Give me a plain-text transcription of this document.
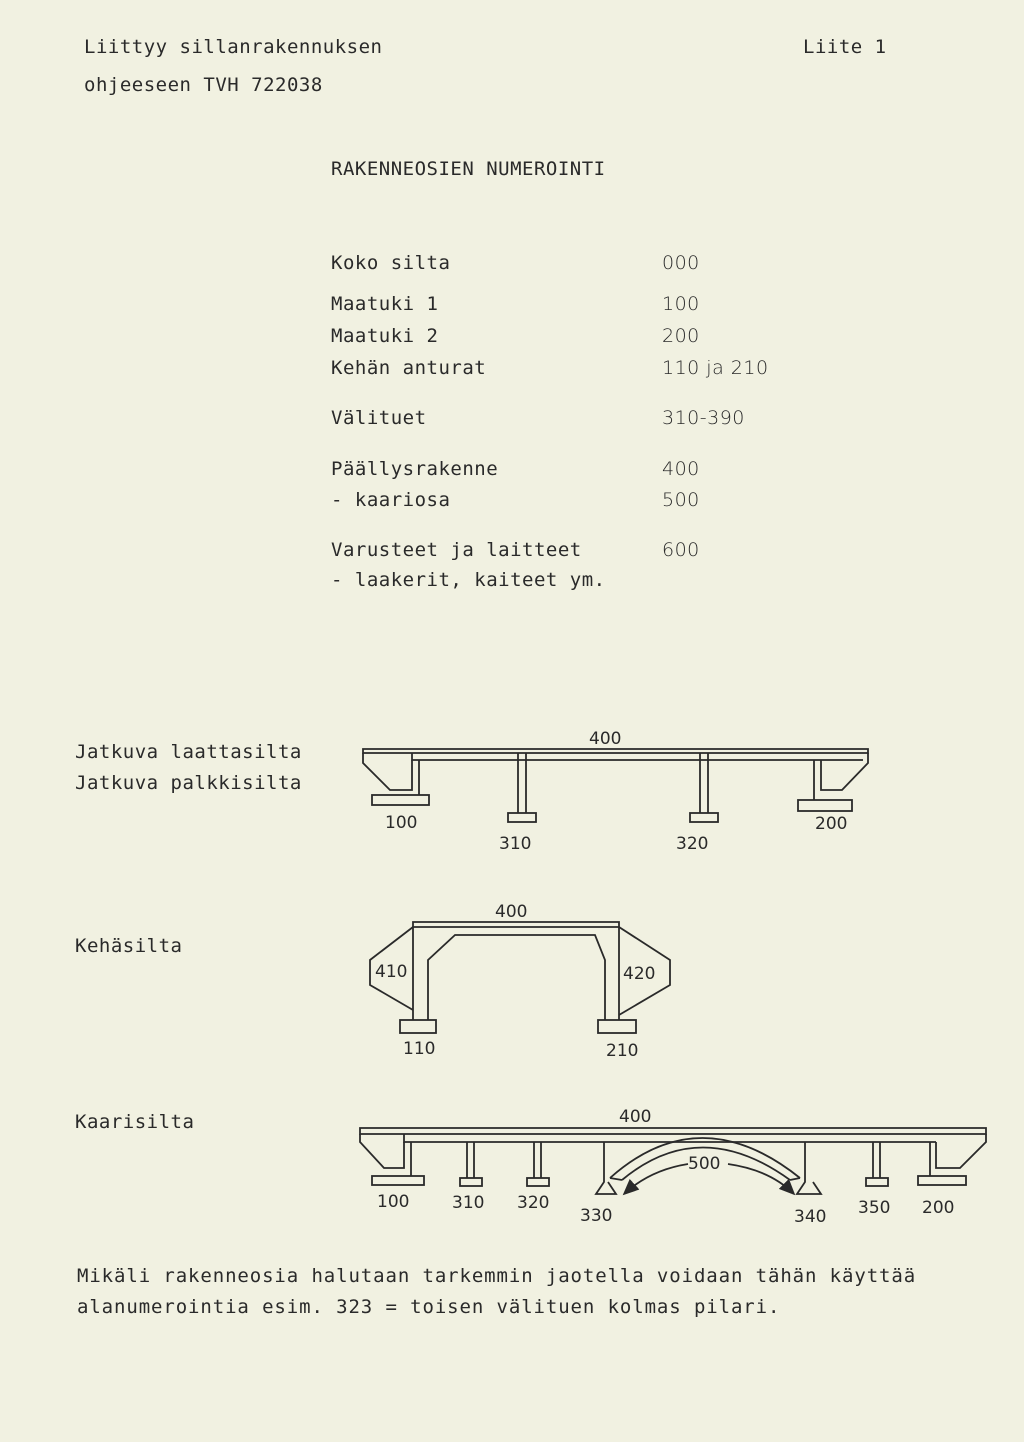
Liittyy sillanrakennuksen
ohjeeseen TVH 722038
Liite 1
RAKENNEOSIEN NUMEROINTI
Koko silta	000
Maatuki 1	100
Maatuki 2	200
Kehän anturat	110 ja 210
Välituet	310-390
Päällysrakenne	400
- kaariosa	500
Varusteet ja laitteet	600
- laakerit, kaiteet ym.
Jatkuva laattasilta
Jatkuva palkkisilta
Kehäsilta
Kaarisilta
400
100
310	320
200
400
410	420
110	210
400
500
100	310 320
330	340 350 200
Mikäli rakenneosia halutaan tarkemmin jaotella voidaan tähän käyttää
alanumerointia esim. 323 = toisen välituen kolmas pilari.
